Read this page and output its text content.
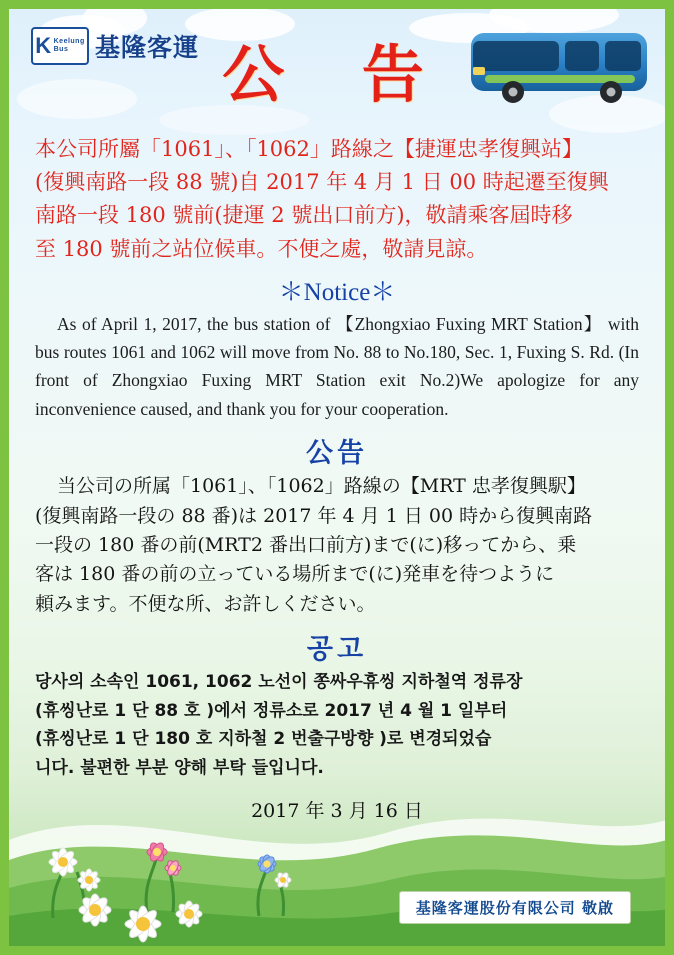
K Keelung
Bus	基隆客運 公 告
本公司所屬「1061」、「1062」路線之【捷運忠孝復興站】
(復興南路一段 88 號)自 2017 年 4 月 1 日 00 時起遷至復興
南路一段 180 號前(捷運 2 號出口前方)，敬請乘客屆時移
至 180 號前之站位候車。不便之處，敬請見諒。
＊Notice＊

As of April 1, 2017, the bus station of 【Zhongxiao Fuxing MRT Station】 with bus routes 1061 and 1062 will move from No. 88 to No.180, Sec. 1, Fuxing S. Rd. (In front of Zhongxiao Fuxing MRT Station exit No.2)We apologize for any inconvenience caused, and thank you for your cooperation.

公告
当公司の所属「1061」、「1062」路線の【MRT 忠孝復興駅】
(復興南路一段の 88 番)は 2017 年 4 月 1 日 00 時から復興南路
一段の 180 番の前(MRT2 番出口前方)まで(に)移ってから、乗
客は 180 番の前の立っている場所まで(に)発車を待つように
頼みます。不便な所、お許しください。
공고
당사의 소속인 1061, 1062 노선이 쫑싸우휴씽 지하철역 정류장
(휴씽난로 1 단 88 호 )에서 정류소로 2017 년 4 월 1 일부터
(휴씽난로 1 단 180 호 지하철 2 번출구방향 )로 변경되었습
니다. 불편한 부분 양해 부탁 들입니다.
2017 年 3 月 16 日
基隆客運股份有限公司 敬啟
